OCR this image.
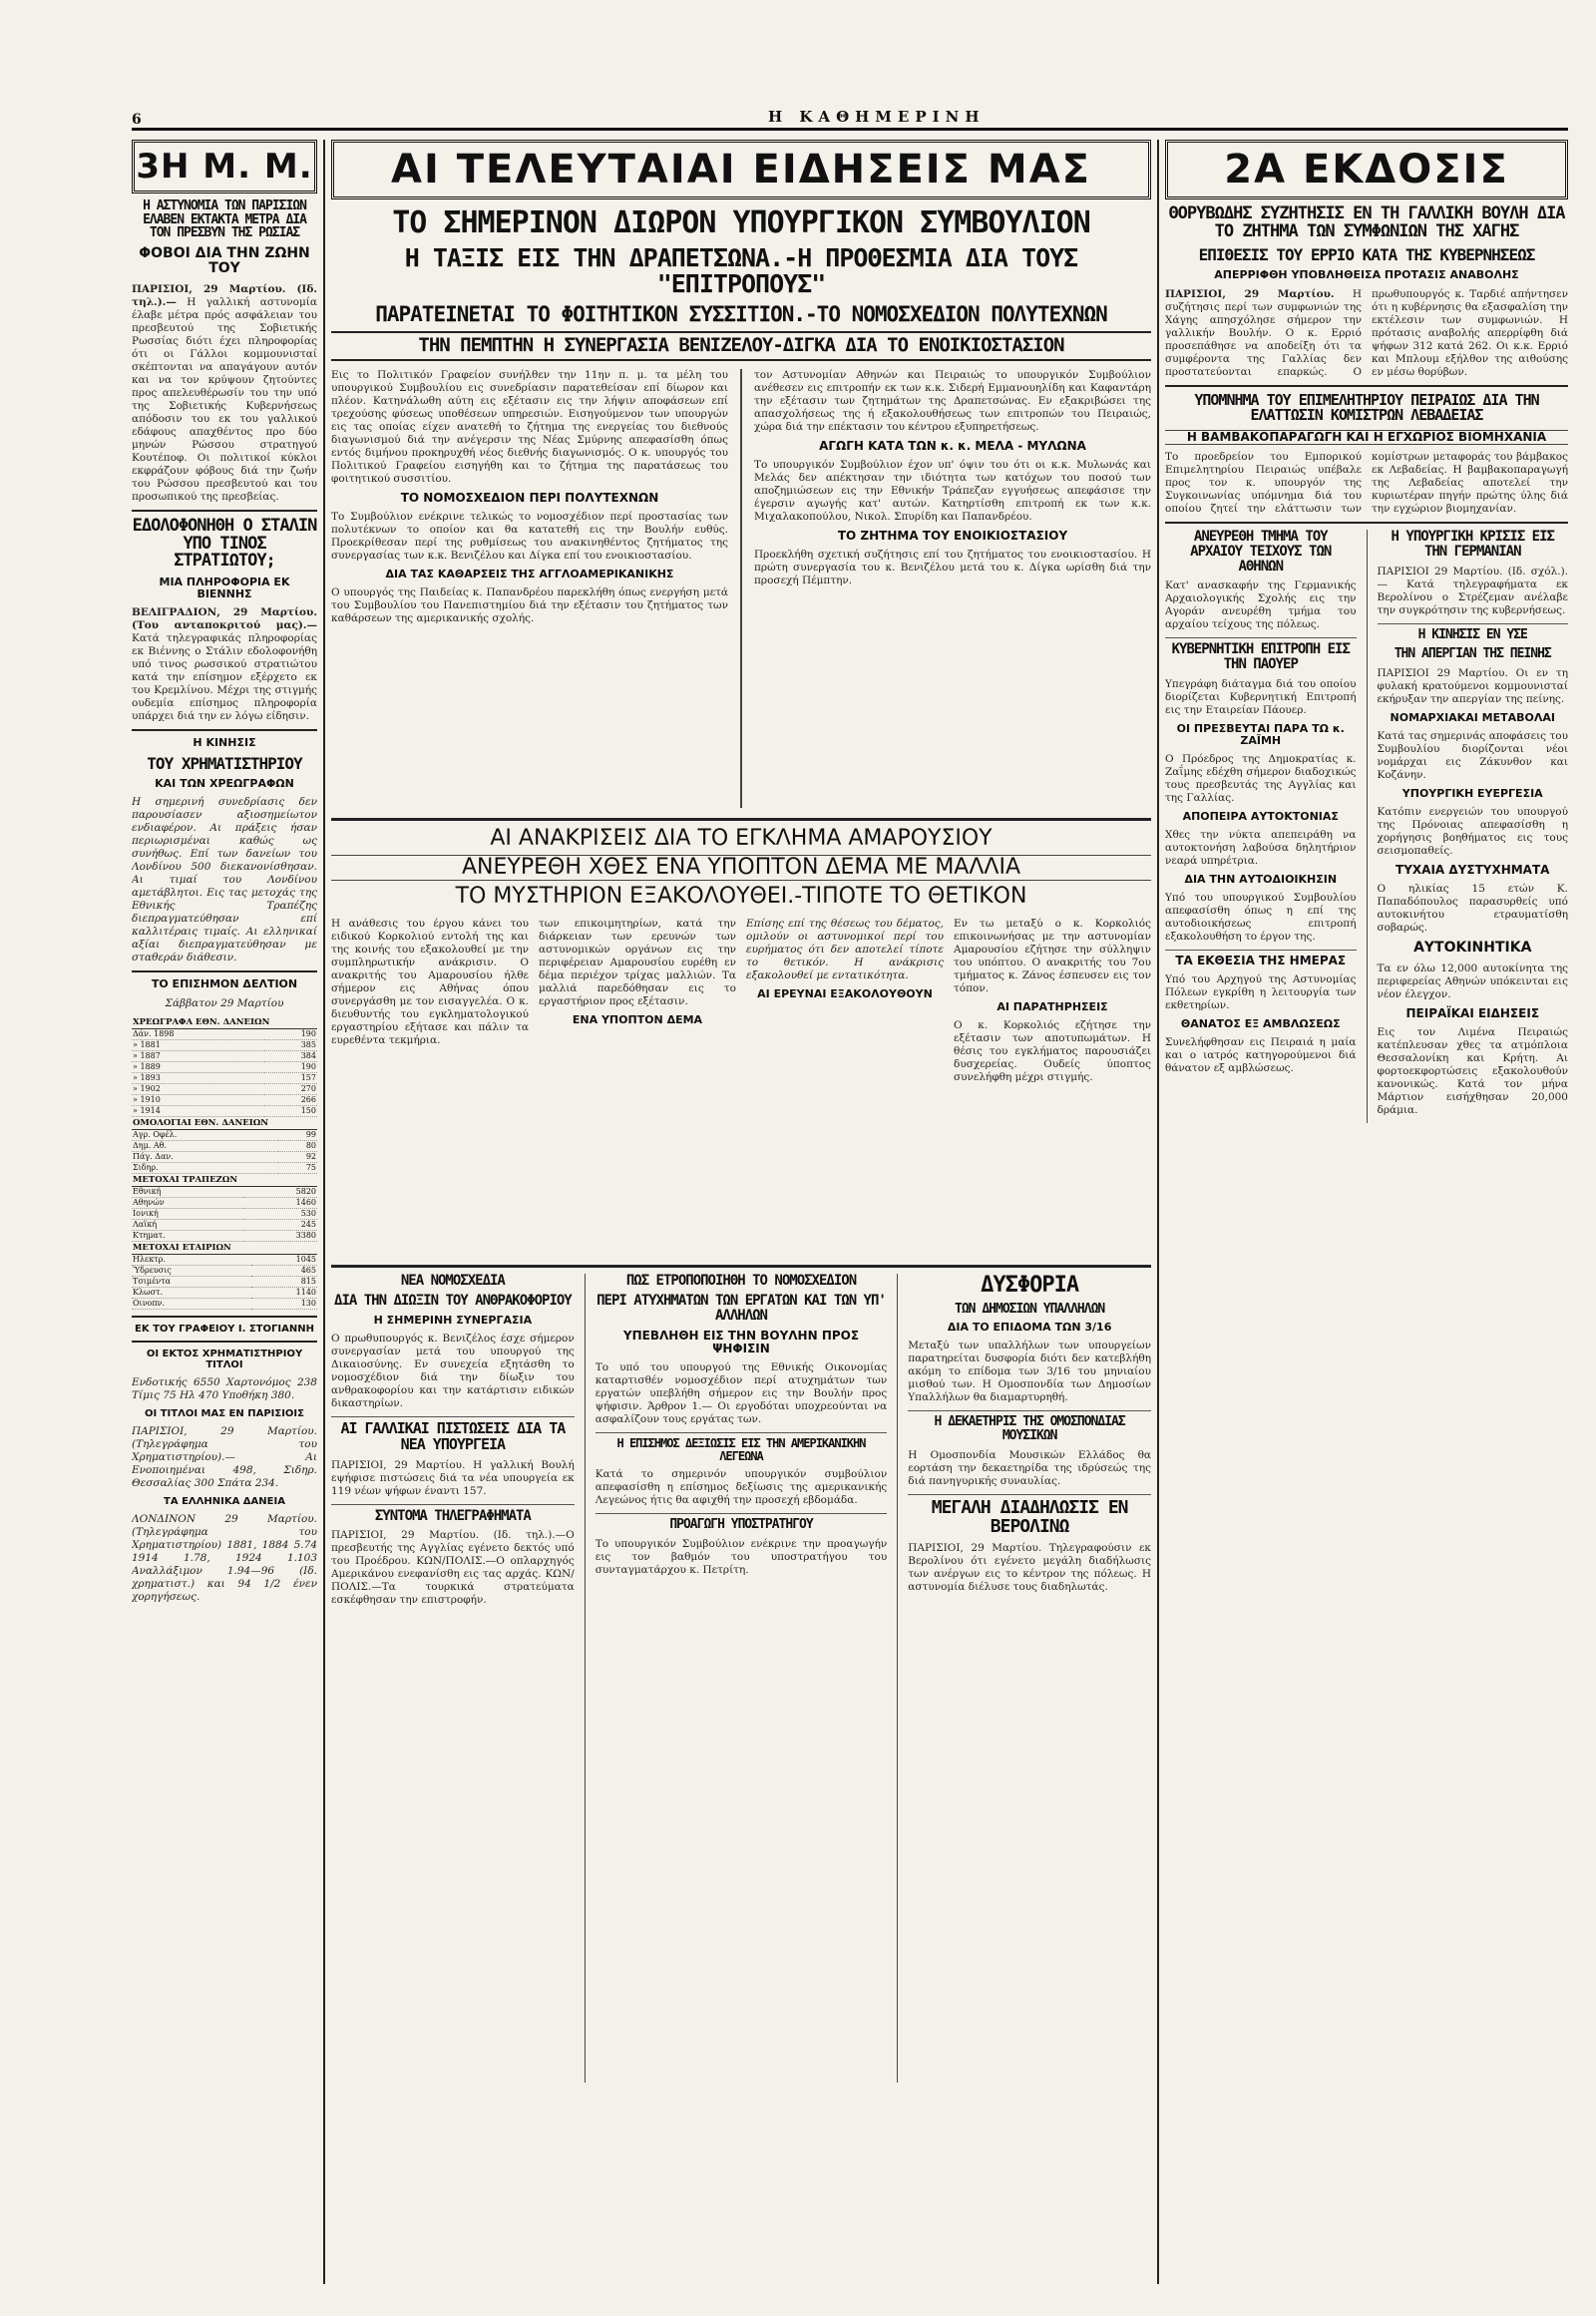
6	Η ΚΑΘΗΜΕΡΙΝΗ
3Η Μ. Μ.
Η ΑΣΤΥΝΟΜΙΑ ΤΩΝ ΠΑΡΙΣΙΩΝ ΕΛΑΒΕΝ ΕΚΤΑΚΤΑ ΜΕΤΡΑ ΔΙΑ ΤΟΝ ΠΡΕΣΒΥΝ ΤΗΣ ΡΩΣΙΑΣ
ΦΟΒΟΙ ΔΙΑ ΤΗΝ ΖΩΗΝ ΤΟΥ
ΠΑΡΙΣΙΟΙ, 29 Μαρτίου. (Ιδ. τηλ.).— Η γαλλική αστυνομία έλαβε μέτρα πρός ασφάλειαν του πρεσβευτού της Σοβιετικής Ρωσσίας διότι έχει πληροφορίας ότι οι Γάλλοι κομμουνισταί σκέπτονται να απαγάγουν αυτόν και να τον κρύψουν ζητούντες προς απελευθέρωσίν του την υπό της Σοβιετικής Κυβερνήσεως απόδοσιν του εκ του γαλλικού εδάφους απαχθέντος προ δύο μηνών Ρώσσου στρατηγού Κουτέποφ. Οι πολιτικοί κύκλοι εκφράζουν φόβους διά την ζωήν του Ρώσσου πρεσβευτού και του προσωπικού της πρεσβείας.
ΕΔΟΛΟΦΟΝΗΘΗ Ο ΣΤΑΛΙΝ ΥΠΟ ΤΙΝΟΣ ΣΤΡΑΤΙΩΤΟΥ;
ΜΙΑ ΠΛΗΡΟΦΟΡΙΑ ΕΚ ΒΙΕΝΝΗΣ
ΒΕΛΙΓΡΑΔΙΟΝ, 29 Μαρτίου. (Του ανταποκριτού μας).— Κατά τηλεγραφικάς πληροφορίας εκ Βιέννης ο Στάλιν εδολοφονήθη υπό τινος ρωσσικού στρατιώτου κατά την επίσημον εξέρχετο εκ του Κρεμλίνου. Μέχρι της στιγμής ουδεμία επίσημος πληροφορία υπάρχει διά την εν λόγω είδησιν.
Η ΚΙΝΗΣΙΣ
ΤΟΥ ΧΡΗΜΑΤΙΣΤΗΡΙΟΥ
ΚΑΙ ΤΩΝ ΧΡΕΩΓΡΑΦΩΝ
Η σημερινή συνεδρίασις δεν παρουσίασεν αξιοσημείωτον ενδιαφέρον. Αι πράξεις ήσαν περιωρισμέναι καθώς ως συνήθως. Επί των δανείων του Λονδίνου 500 διεκανονίσθησαν. Αι τιμαί του Λονδίνου αμετάβλητοι. Εις τας μετοχάς της Εθνικής Τραπέζης διεπραγματεύθησαν επί καλλιτέραις τιμαίς. Αι ελληνικαί αξίαι διεπραγματεύθησαν με σταθεράν διάθεσιν.
ΤΟ ΕΠΙΣΗΜΟΝ ΔΕΛΤΙΟΝ
Σάββατον 29 Μαρτίου
ΧΡΕΩΓΡΑΦΑ ΕΘΝ. ΔΑΝΕΙΩΝ	
Δάν. 1898	190
» 1881	385
» 1887	384
» 1889	190
» 1893	157
» 1902	270
» 1910	266
» 1914	150
ΟΜΟΛΟΓΙΑΙ ΕΘΝ. ΔΑΝΕΙΩΝ	
Αγρ. Οφέλ.	99
Δημ. Αθ.	80
Πάγ. Δαν.	92
Σιδηρ.	75
ΜΕΤΟΧΑΙ ΤΡΑΠΕΖΩΝ	
Εθνική	5820
Αθηνών	1460
Ιονική	530
Λαϊκή	245
Κτηματ.	3380
ΜΕΤΟΧΑΙ ΕΤΑΙΡΙΩΝ	
Ηλεκτρ.	1045
Ύδρευσις	465
Τσιμέντα	815
Κλωστ.	1140
Οινοπν.	130
ΕΚ ΤΟΥ ΓΡΑΦΕΙΟΥ Ι. ΣΤΟΓΙΑΝΝΗ
ΟΙ ΕΚΤΟΣ ΧΡΗΜΑΤΙΣΤΗΡΙΟΥ ΤΙΤΛΟΙ
Ενδοτικής 6550 Χαρτονόμος 238 Τίμις 75 Ηλ 470 Υποθήκη 380.
ΟΙ ΤΙΤΛΟΙ ΜΑΣ ΕΝ ΠΑΡΙΣΙΟΙΣ
ΠΑΡΙΣΙΟΙ, 29 Μαρτίου. (Τηλεγράφημα του Χρηματιστηρίου).— Αι Ενοποιημέναι 498, Σιδηρ. Θεσσαλίας 300 Σπάτα 234.
ΤΑ ΕΛΛΗΝΙΚΑ ΔΑΝΕΙΑ
ΛΟΝΔΙΝΟΝ 29 Μαρτίου. (Τηλεγράφημα του Χρηματιστηρίου) 1881, 1884 5.74 1914 1.78, 1924 1.103 Αναλλάξιμον 1.94—96 (Ιδ. χρηματιστ.) και 94 1/2 ένεν χορηγήσεως.
ΑΙ ΤΕΛΕΥΤΑΙΑΙ ΕΙΔΗΣΕΙΣ ΜΑΣ
ΤΟ ΣΗΜΕΡΙΝΟΝ ΔΙΩΡΟΝ ΥΠΟΥΡΓΙΚΟΝ ΣΥΜΒΟΥΛΙΟΝ
Η ΤΑΞΙΣ ΕΙΣ ΤΗΝ ΔΡΑΠΕΤΣΩΝΑ.-Η ΠΡΟΘΕΣΜΙΑ ΔΙΑ ΤΟΥΣ "ΕΠΙΤΡΟΠΟΥΣ"
ΠΑΡΑΤΕΙΝΕΤΑΙ ΤΟ ΦΟΙΤΗΤΙΚΟΝ ΣΥΣΣΙΤΙΟΝ.-ΤΟ ΝΟΜΟΣΧΕΔΙΟΝ ΠΟΛΥΤΕΧΝΩΝ
ΤΗΝ ΠΕΜΠΤΗΝ Η ΣΥΝΕΡΓΑΣΙΑ ΒΕΝΙΖΕΛΟΥ-ΔΙΓΚΑ ΔΙΑ ΤΟ ΕΝΟΙΚΙΟΣΤΑΣΙΟΝ
Εις το Πολιτικόν Γραφείον συνήλθεν την 11ην π. μ. τα μέλη του υπουργικού Συμβουλίου εις συνεδρίασιν παρατεθείσαν επί δίωρον και πλέον. Κατηνάλωθη αύτη εις εξέτασιν εις την λήψιν αποφάσεων επί τρεχούσης φύσεως υποθέσεων υπηρεσιών. Εισηγούμενον των υπουργών εις τας οποίας είχεν ανατεθή το ζήτημα της ενεργείας του διεθνούς διαγωνισμού διά την ανέγερσιν της Νέας Σμύρνης απεφασίσθη όπως εντός διμήνου προκηρυχθή νέος διεθνής διαγωνισμός. Ο κ. υπουργός του Πολιτικού Γραφείου εισηγήθη και το ζήτημα της παρατάσεως του φοιτητικού συσσιτίου.
ΤΟ ΝΟΜΟΣΧΕΔΙΟΝ ΠΕΡΙ ΠΟΛΥΤΕΧΝΩΝ
Το Συμβούλιον ενέκρινε τελικώς το νομοσχέδιον περί προστασίας των πολυτέκνων το οποίον και θα κατατεθή εις την Βουλήν ευθύς. Προεκρίθεσαν περί της ρυθμίσεως του ανακινηθέντος ζητήματος της συνεργασίας των κ.κ. Βενιζέλου και Δίγκα επί του ενοικιοστασίου.
ΔΙΑ ΤΑΣ ΚΑΘΑΡΣΕΙΣ ΤΗΣ ΑΓΓΛΟΑΜΕΡΙΚΑΝΙΚΗΣ
Ο υπουργός της Παιδείας κ. Παπανδρέου παρεκλήθη όπως ενεργήση μετά του Συμβουλίου του Πανεπιστημίου διά την εξέτασιν του ζητήματος των καθάρσεων της αμερικανικής σχολής.
τον Αστυνομίαν Αθηνών και Πειραιώς το υπουργικόν Συμβούλιον ανέθεσεν εις επιτροπήν εκ των κ.κ. Σιδερή Εμμανουηλίδη και Καφαντάρη την εξέτασιν των ζητημάτων της Δραπετσώνας. Εν εξακριβώσει της απασχολήσεως της ή εξακολουθήσεως των επιτροπών του Πειραιώς, χώρα διά την επέκτασιν του κέντρου εξυπηρετήσεως.
ΑΓΩΓΗ ΚΑΤΑ ΤΩΝ κ. κ. ΜΕΛΑ - ΜΥΛΩΝΑ
Το υπουργικόν Συμβούλιον έχον υπ' όψιν του ότι οι κ.κ. Μυλωνάς και Μελάς δεν απέκτησαν την ιδιότητα των κατόχων του ποσού των αποζημιώσεων εις την Εθνικήν Τράπεζαν εγγυήσεως απεφάσισε την έγερσιν αγωγής κατ' αυτών. Κατηρτίσθη επιτροπή εκ των κ.κ. Μιχαλακοπούλου, Νικολ. Σπυρίδη και Παπανδρέου.
ΤΟ ΖΗΤΗΜΑ ΤΟΥ ΕΝΟΙΚΙΟΣΤΑΣΙΟΥ
Προεκλήθη σχετική συζήτησις επί του ζητήματος του ενοικιοστασίου. Η πρώτη συνεργασία του κ. Βενιζέλου μετά του κ. Δίγκα ωρίσθη διά την προσεχή Πέμπτην.
ΑΙ ΑΝΑΚΡΙΣΕΙΣ ΔΙΑ ΤΟ ΕΓΚΛΗΜΑ ΑΜΑΡΟΥΣΙΟΥ
ΑΝΕΥΡΕΘΗ ΧΘΕΣ ΕΝΑ ΥΠΟΠΤΟΝ ΔΕΜΑ ΜΕ ΜΑΛΛΙΑ
ΤΟ ΜΥΣΤΗΡΙΟΝ ΕΞΑΚΟΛΟΥΘΕΙ.-ΤΙΠΟΤΕ ΤΟ ΘΕΤΙΚΟΝ
Η ανάθεσις του έργου κάνει του ειδικού Κορκολιού εντολή της και της κοινής του εξακολουθεί με την συμπληρωτικήν ανάκρισιν. Ο ανακριτής του Αμαρουσίου ήλθε σήμερον εις Αθήνας όπου συνεργάσθη με τον εισαγγελέα. Ο κ. διευθυντής του εγκληματολογικού εργαστηρίου εξήτασε και πάλιν τα ευρεθέντα τεκμήρια.
των επικοιμητηρίων, κατά την διάρκειαν των ερευνών των αστυνομικών οργάνων εις την περιφέρειαν Αμαρουσίου ευρέθη εν δέμα περιέχον τρίχας μαλλιών. Τα μαλλιά παρεδόθησαν εις το εργαστήριον προς εξέτασιν.
ΕΝΑ ΥΠΟΠΤΟΝ ΔΕΜΑ
Επίσης επί της θέσεως του δέματος, ομιλούν οι αστυνομικοί περί του ευρήματος ότι δεν αποτελεί τίποτε το θετικόν. Η ανάκρισις εξακολουθεί με εντατικότητα.
ΑΙ ΕΡΕΥΝΑΙ ΕΞΑΚΟΛΟΥΘΟΥΝ
Εν τω μεταξύ ο κ. Κορκολιός επικοινωνήσας με την αστυνομίαν Αμαρουσίου εζήτησε την σύλληψιν του υπόπτου. Ο ανακριτής του 7ου τμήματος κ. Ζάνος έσπευσεν εις τον τόπον.
ΑΙ ΠΑΡΑΤΗΡΗΣΕΙΣ
Ο κ. Κορκολιός εζήτησε την εξέτασιν των αποτυπωμάτων. Η θέσις του εγκλήματος παρουσιάζει δυσχερείας. Ουδείς ύποπτος συνελήφθη μέχρι στιγμής.
ΝΕΑ ΝΟΜΟΣΧΕΔΙΑ
ΔΙΑ ΤΗΝ ΔΙΩΞΙΝ ΤΟΥ ΑΝΘΡΑΚΟΦΟΡΙΟΥ
Η ΣΗΜΕΡΙΝΗ ΣΥΝΕΡΓΑΣΙΑ
Ο πρωθυπουργός κ. Βενιζέλος έσχε σήμερον συνεργασίαν μετά του υπουργού της Δικαιοσύνης. Εν συνεχεία εξητάσθη το νομοσχέδιον διά την δίωξιν του ανθρακοφορίου και την κατάρτισιν ειδικών δικαστηρίων.
ΑΙ ΓΑΛΛΙΚΑΙ ΠΙΣΤΩΣΕΙΣ ΔΙΑ ΤΑ ΝΕΑ ΥΠΟΥΡΓΕΙΑ
ΠΑΡΙΣΙΟΙ, 29 Μαρτίου. Η γαλλική Βουλή εψήφισε πιστώσεις διά τα νέα υπουργεία εκ 119 νέων ψήφων έναντι 157.
ΣΥΝΤΟΜΑ ΤΗΛΕΓΡΑΦΗΜΑΤΑ
ΠΑΡΙΣΙΟΙ, 29 Μαρτίου. (Ιδ. τηλ.).—Ο πρεσβευτής της Αγγλίας εγένετο δεκτός υπό του Προέδρου. ΚΩΝ/ΠΟΛΙΣ.—Ο οπλαρχηγός Αμερικάνου ενεφανίσθη εις τας αρχάς. ΚΩΝ/ΠΟΛΙΣ.—Τα τουρκικά στρατεύματα εσκέφθησαν την επιστροφήν.
ΠΩΣ ΕΤΡΟΠΟΠΟΙΗΘΗ ΤΟ ΝΟΜΟΣΧΕΔΙΟΝ
ΠΕΡΙ ΑΤΥΧΗΜΑΤΩΝ ΤΩΝ ΕΡΓΑΤΩΝ ΚΑΙ ΤΩΝ ΥΠ' ΑΛΛΗΛΩΝ
ΥΠΕΒΛΗΘΗ ΕΙΣ ΤΗΝ ΒΟΥΛΗΝ ΠΡΟΣ ΨΗΦΙΣΙΝ
Το υπό του υπουργού της Εθνικής Οικονομίας καταρτισθέν νομοσχέδιον περί ατυχημάτων των εργατών υπεβλήθη σήμερον εις την Βουλήν προς ψήφισιν. Άρθρον 1.— Οι εργοδόται υποχρεούνται να ασφαλίζουν τους εργάτας των.
Η ΕΠΙΣΗΜΟΣ ΔΕΞΙΩΣΙΣ ΕΙΣ ΤΗΝ ΑΜΕΡΙΚΑΝΙΚΗΝ ΛΕΓΕΩΝΑ
Κατά το σημερινόν υπουργικόν συμβούλιον απεφασίσθη η επίσημος δεξίωσις της αμερικανικής Λεγεώνος ήτις θα αφιχθή την προσεχή εβδομάδα.
ΠΡΟΑΓΩΓΗ ΥΠΟΣΤΡΑΤΗΓΟΥ
Το υπουργικόν Συμβούλιον ενέκρινε την προαγωγήν εις τον βαθμόν του υποστρατήγου του συνταγματάρχου κ. Πετρίτη.
ΔΥΣΦΟΡΙΑ
ΤΩΝ ΔΗΜΟΣΙΩΝ ΥΠΑΛΛΗΛΩΝ
ΔΙΑ ΤΟ ΕΠΙΔΟΜΑ ΤΩΝ 3/16
Μεταξύ των υπαλλήλων των υπουργείων παρατηρείται δυσφορία διότι δεν κατεβλήθη ακόμη το επίδομα των 3/16 του μηνιαίου μισθού των. Η Ομοσπονδία των Δημοσίων Υπαλλήλων θα διαμαρτυρηθή.
Η ΔΕΚΑΕΤΗΡΙΣ ΤΗΣ ΟΜΟΣΠΟΝΔΙΑΣ ΜΟΥΣΙΚΩΝ
Η Ομοσπονδία Μουσικών Ελλάδος θα εορτάση την δεκαετηρίδα της ιδρύσεώς της διά πανηγυρικής συναυλίας.
ΜΕΓΑΛΗ ΔΙΑΔΗΛΩΣΙΣ ΕΝ ΒΕΡΟΛΙΝΩ
ΠΑΡΙΣΙΟΙ, 29 Μαρτίου. Τηλεγραφούσιν εκ Βερολίνου ότι εγένετο μεγάλη διαδήλωσις των ανέργων εις το κέντρον της πόλεως. Η αστυνομία διέλυσε τους διαδηλωτάς.
2Α ΕΚΔΟΣΙΣ
ΘΟΡΥΒΩΔΗΣ ΣΥΖΗΤΗΣΙΣ ΕΝ ΤΗ ΓΑΛΛΙΚΗ ΒΟΥΛΗ ΔΙΑ ΤΟ ΖΗΤΗΜΑ ΤΩΝ ΣΥΜΦΩΝΙΩΝ ΤΗΣ ΧΑΓΗΣ
ΕΠΙΘΕΣΙΣ ΤΟΥ ΕΡΡΙΟ ΚΑΤΑ ΤΗΣ ΚΥΒΕΡΝΗΣΕΩΣ
ΑΠΕΡΡΙΦΘΗ ΥΠΟΒΛΗΘΕΙΣΑ ΠΡΟΤΑΣΙΣ ΑΝΑΒΟΛΗΣ
ΠΑΡΙΣΙΟΙ, 29 Μαρτίου. Η συζήτησις περί των συμφωνιών της Χάγης απησχόλησε σήμερον την γαλλικήν Βουλήν. Ο κ. Ερριό προσεπάθησε να αποδείξη ότι τα συμφέροντα της Γαλλίας δεν προστατεύονται επαρκώς. Ο πρωθυπουργός κ. Ταρδιέ απήντησεν ότι η κυβέρνησις θα εξασφαλίση την εκτέλεσιν των συμφωνιών. Η πρότασις αναβολής απερρίφθη διά ψήφων 312 κατά 262. Οι κ.κ. Ερριό και Μπλουμ εξήλθον της αιθούσης εν μέσω θορύβων.
ΥΠΟΜΝΗΜΑ ΤΟΥ ΕΠΙΜΕΛΗΤΗΡΙΟΥ ΠΕΙΡΑΙΩΣ ΔΙΑ ΤΗΝ ΕΛΑΤΤΩΣΙΝ ΚΟΜΙΣΤΡΩΝ ΛΕΒΑΔΕΙΑΣ
Η ΒΑΜΒΑΚΟΠΑΡΑΓΩΓΗ ΚΑΙ Η ΕΓΧΩΡΙΟΣ ΒΙΟΜΗΧΑΝΙΑ
Το προεδρείον του Εμπορικού Επιμελητηρίου Πειραιώς υπέβαλε προς τον κ. υπουργόν της Συγκοινωνίας υπόμνημα διά του οποίου ζητεί την ελάττωσιν των κομίστρων μεταφοράς του βάμβακος εκ Λεβαδείας. Η βαμβακοπαραγωγή της Λεβαδείας αποτελεί την κυριωτέραν πηγήν πρώτης ύλης διά την εγχώριον βιομηχανίαν.
ΑΝΕΥΡΕΘΗ ΤΜΗΜΑ ΤΟΥ ΑΡΧΑΙΟΥ ΤΕΙΧΟΥΣ ΤΩΝ ΑΘΗΝΩΝ
Κατ' ανασκαφήν της Γερμανικής Αρχαιολογικής Σχολής εις την Αγοράν ανευρέθη τμήμα του αρχαίου τείχους της πόλεως.
ΚΥΒΕΡΝΗΤΙΚΗ ΕΠΙΤΡΟΠΗ ΕΙΣ ΤΗΝ ΠΑΟΥΕΡ
Υπεγράφη διάταγμα διά του οποίου διορίζεται Κυβερνητική Επιτροπή εις την Εταιρείαν Πάουερ.
ΟΙ ΠΡΕΣΒΕΥΤΑΙ ΠΑΡΑ ΤΩ κ. ΖΑΪΜΗ
Ο Πρόεδρος της Δημοκρατίας κ. Ζαΐμης εδέχθη σήμερον διαδοχικώς τους πρεσβευτάς της Αγγλίας και της Γαλλίας.
ΑΠΟΠΕΙΡΑ ΑΥΤΟΚΤΟΝΙΑΣ
Χθες την νύκτα απεπειράθη να αυτοκτονήση λαβούσα δηλητήριον νεαρά υπηρέτρια.
ΔΙΑ ΤΗΝ ΑΥΤΟΔΙΟΙΚΗΣΙΝ
Υπό του υπουργικού Συμβουλίου απεφασίσθη όπως η επί της αυτοδιοικήσεως επιτροπή εξακολουθήση το έργον της.
ΤΑ ΕΚΘΕΣΙΑ ΤΗΣ ΗΜΕΡΑΣ
Υπό του Αρχηγού της Αστυνομίας Πόλεων εγκρίθη η λειτουργία των εκθετηρίων.
ΘΑΝΑΤΟΣ ΕΞ ΑΜΒΛΩΣΕΩΣ
Συνελήφθησαν εις Πειραιά η μαία και ο ιατρός κατηγορούμενοι διά θάνατον εξ αμβλώσεως.
Η ΥΠΟΥΡΓΙΚΗ ΚΡΙΣΙΣ ΕΙΣ ΤΗΝ ΓΕΡΜΑΝΙΑΝ
ΠΑΡΙΣΙΟΙ 29 Μαρτίου. (Ιδ. σχόλ.).— Κατά τηλεγραφήματα εκ Βερολίνου ο Στρέζεμαν ανέλαβε την συγκρότησιν της κυβερνήσεως.
Η ΚΙΝΗΣΙΣ ΕΝ ΥΣΕ
ΤΗΝ ΑΠΕΡΓΙΑΝ ΤΗΣ ΠΕΙΝΗΣ
ΠΑΡΙΣΙΟΙ 29 Μαρτίου. Οι εν τη φυλακή κρατούμενοι κομμουνισταί εκήρυξαν την απεργίαν της πείνης.
ΝΟΜΑΡΧΙΑΚΑΙ ΜΕΤΑΒΟΛΑΙ
Κατά τας σημερινάς αποφάσεις του Συμβουλίου διορίζονται νέοι νομάρχαι εις Ζάκυνθον και Κοζάνην.
ΥΠΟΥΡΓΙΚΗ ΕΥΕΡΓΕΣΙΑ
Κατόπιν ενεργειών του υπουργού της Πρόνοιας απεφασίσθη η χορήγησις βοηθήματος εις τους σεισμοπαθείς.
ΤΥΧΑΙΑ ΔΥΣΤΥΧΗΜΑΤΑ
Ο ηλικίας 15 ετών Κ. Παπαδόπουλος παρασυρθείς υπό αυτοκινήτου ετραυματίσθη σοβαρώς.
ΑΥΤΟΚΙΝΗΤΙΚΑ
Τα εν όλω 12,000 αυτοκίνητα της περιφερείας Αθηνών υπόκεινται εις νέον έλεγχον.
ΠΕΙΡΑΪΚΑΙ ΕΙΔΗΣΕΙΣ
Εις τον Λιμένα Πειραιώς κατέπλευσαν χθες τα ατμόπλοια Θεσσαλονίκη και Κρήτη. Αι φορτοεκφορτώσεις εξακολουθούν κανονικώς. Κατά τον μήνα Μάρτιον εισήχθησαν 20,000 δράμια.
